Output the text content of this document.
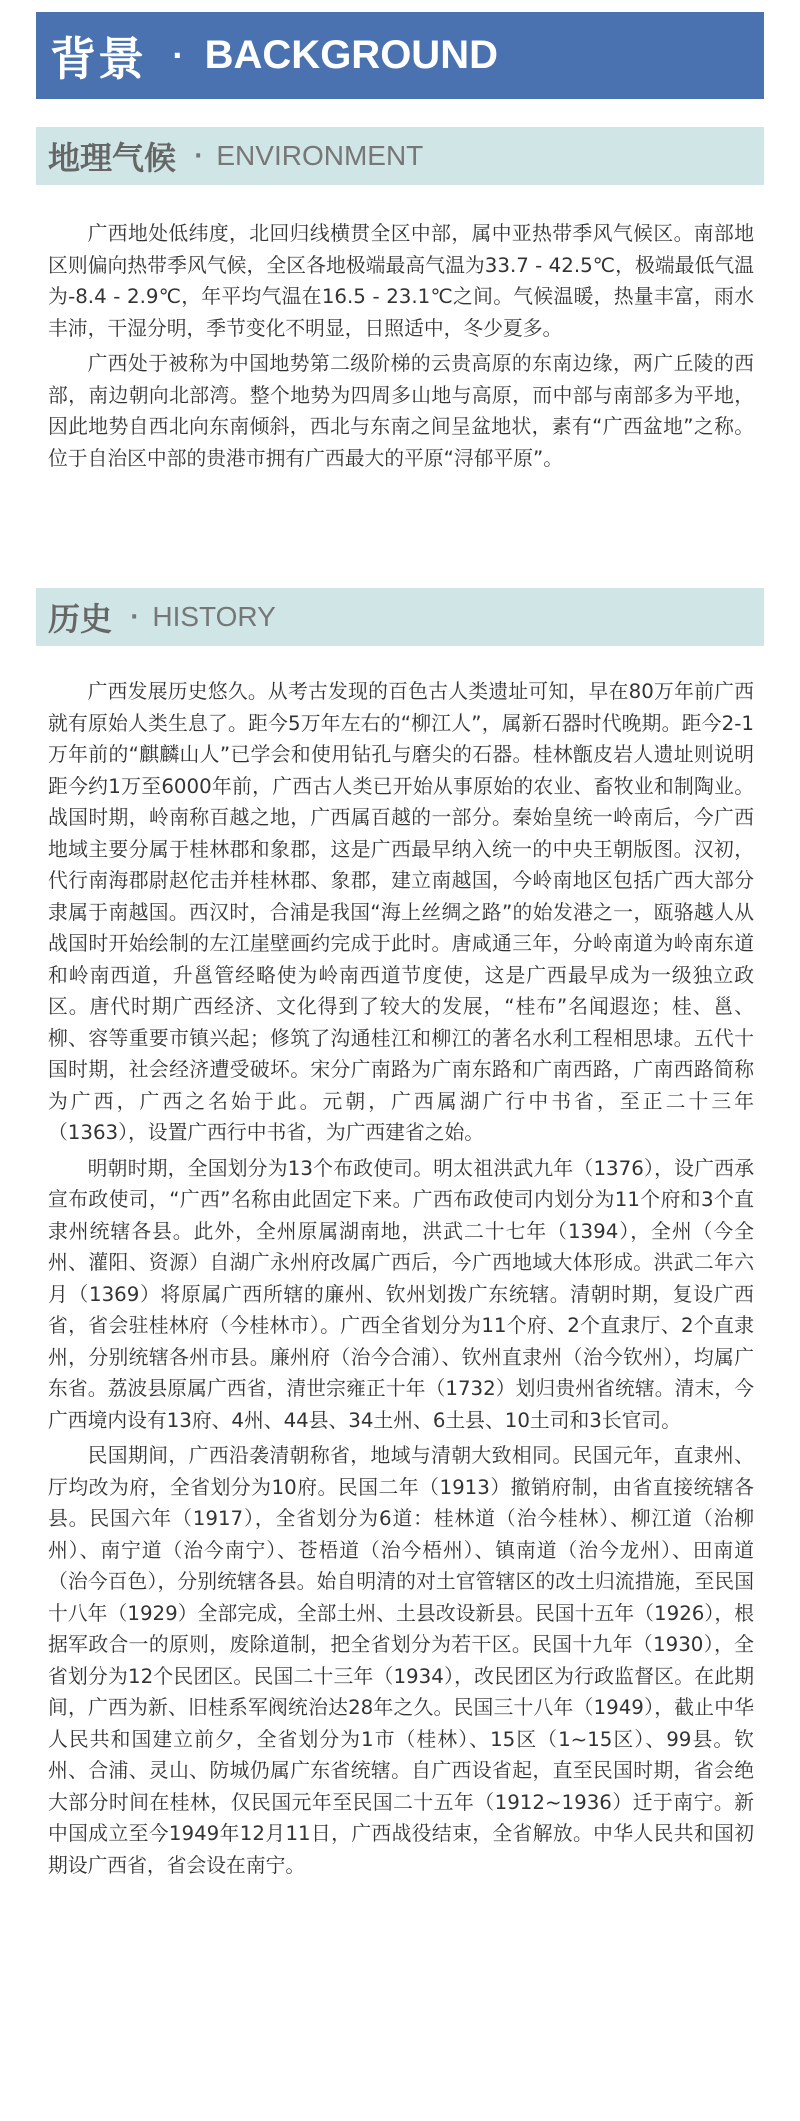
背景 · BACKGROUND
地理气候 · ENVIRONMENT

广西地处低纬度，北回归线横贯全区中部，属中亚热带季风气候区。南部地区则偏向热带季风气候，全区各地极端最高气温为33.7 - 42.5℃，极端最低气温为-8.4 - 2.9℃，年平均气温在16.5 - 23.1℃之间。气候温暖，热量丰富，雨水丰沛，干湿分明，季节变化不明显，日照适中，冬少夏多。

广西处于被称为中国地势第二级阶梯的云贵高原的东南边缘，两广丘陵的西部，南边朝向北部湾。整个地势为四周多山地与高原，而中部与南部多为平地，因此地势自西北向东南倾斜，西北与东南之间呈盆地状，素有“广西盆地”之称。位于自治区中部的贵港市拥有广西最大的平原“浔郁平原”。

历史 · HISTORY

广西发展历史悠久。从考古发现的百色古人类遗址可知，早在80万年前广西就有原始人类生息了。距今5万年左右的“柳江人”，属新石器时代晚期。距今2-1万年前的“麒麟山人”已学会和使用钻孔与磨尖的石器。桂林甑皮岩人遗址则说明距今约1万至6000年前，广西古人类已开始从事原始的农业、畜牧业和制陶业。战国时期，岭南称百越之地，广西属百越的一部分。秦始皇统一岭南后，今广西地域主要分属于桂林郡和象郡，这是广西最早纳入统一的中央王朝版图。汉初，代行南海郡尉赵佗击并桂林郡、象郡，建立南越国，今岭南地区包括广西大部分隶属于南越国。西汉时，合浦是我国“海上丝绸之路”的始发港之一，瓯骆越人从战国时开始绘制的左江崖壁画约完成于此时。唐咸通三年，分岭南道为岭南东道和岭南西道，升邕管经略使为岭南西道节度使，这是广西最早成为一级独立政区。唐代时期广西经济、文化得到了较大的发展，“桂布”名闻遐迩；桂、邕、柳、容等重要市镇兴起；修筑了沟通桂江和柳江的著名水利工程相思埭。五代十国时期，社会经济遭受破坏。宋分广南路为广南东路和广南西路，广南西路简称为广西，广西之名始于此。元朝，广西属湖广行中书省，至正二十三年（1363），设置广西行中书省，为广西建省之始。

明朝时期，全国划分为13个布政使司。明太祖洪武九年（1376），设广西承宣布政使司，“广西”名称由此固定下来。广西布政使司内划分为11个府和3个直隶州统辖各县。此外，全州原属湖南地，洪武二十七年（1394），全州（今全州、灌阳、资源）自湖广永州府改属广西后，今广西地域大体形成。洪武二年六月（1369）将原属广西所辖的廉州、钦州划拨广东统辖。清朝时期，复设广西省，省会驻桂林府（今桂林市）。广西全省划分为11个府、2个直隶厅、2个直隶州，分别统辖各州市县。廉州府（治今合浦）、钦州直隶州（治今钦州），均属广东省。荔波县原属广西省，清世宗雍正十年（1732）划归贵州省统辖。清末，今广西境内设有13府、4州、44县、34土州、6土县、10土司和3长官司。

民国期间，广西沿袭清朝称省，地域与清朝大致相同。民国元年，直隶州、厅均改为府，全省划分为10府。民国二年（1913）撤销府制，由省直接统辖各县。民国六年（1917），全省划分为6道：桂林道（治今桂林）、柳江道（治柳州）、南宁道（治今南宁）、苍梧道（治今梧州）、镇南道（治今龙州）、田南道（治今百色），分别统辖各县。始自明清的对土官管辖区的改土归流措施，至民国十八年（1929）全部完成，全部土州、土县改设新县。民国十五年（1926），根据军政合一的原则，废除道制，把全省划分为若干区。民国十九年（1930），全省划分为12个民团区。民国二十三年（1934），改民团区为行政监督区。在此期间，广西为新、旧桂系军阀统治达28年之久。民国三十八年（1949），截止中华人民共和国建立前夕，全省划分为1市（桂林）、15区（1~15区）、99县。钦州、合浦、灵山、防城仍属广东省统辖。自广西设省起，直至民国时期，省会绝大部分时间在桂林，仅民国元年至民国二十五年（1912~1936）迁于南宁。新中国成立至今1949年12月11日，广西战役结束，全省解放。中华人民共和国初期设广西省，省会设在南宁。
